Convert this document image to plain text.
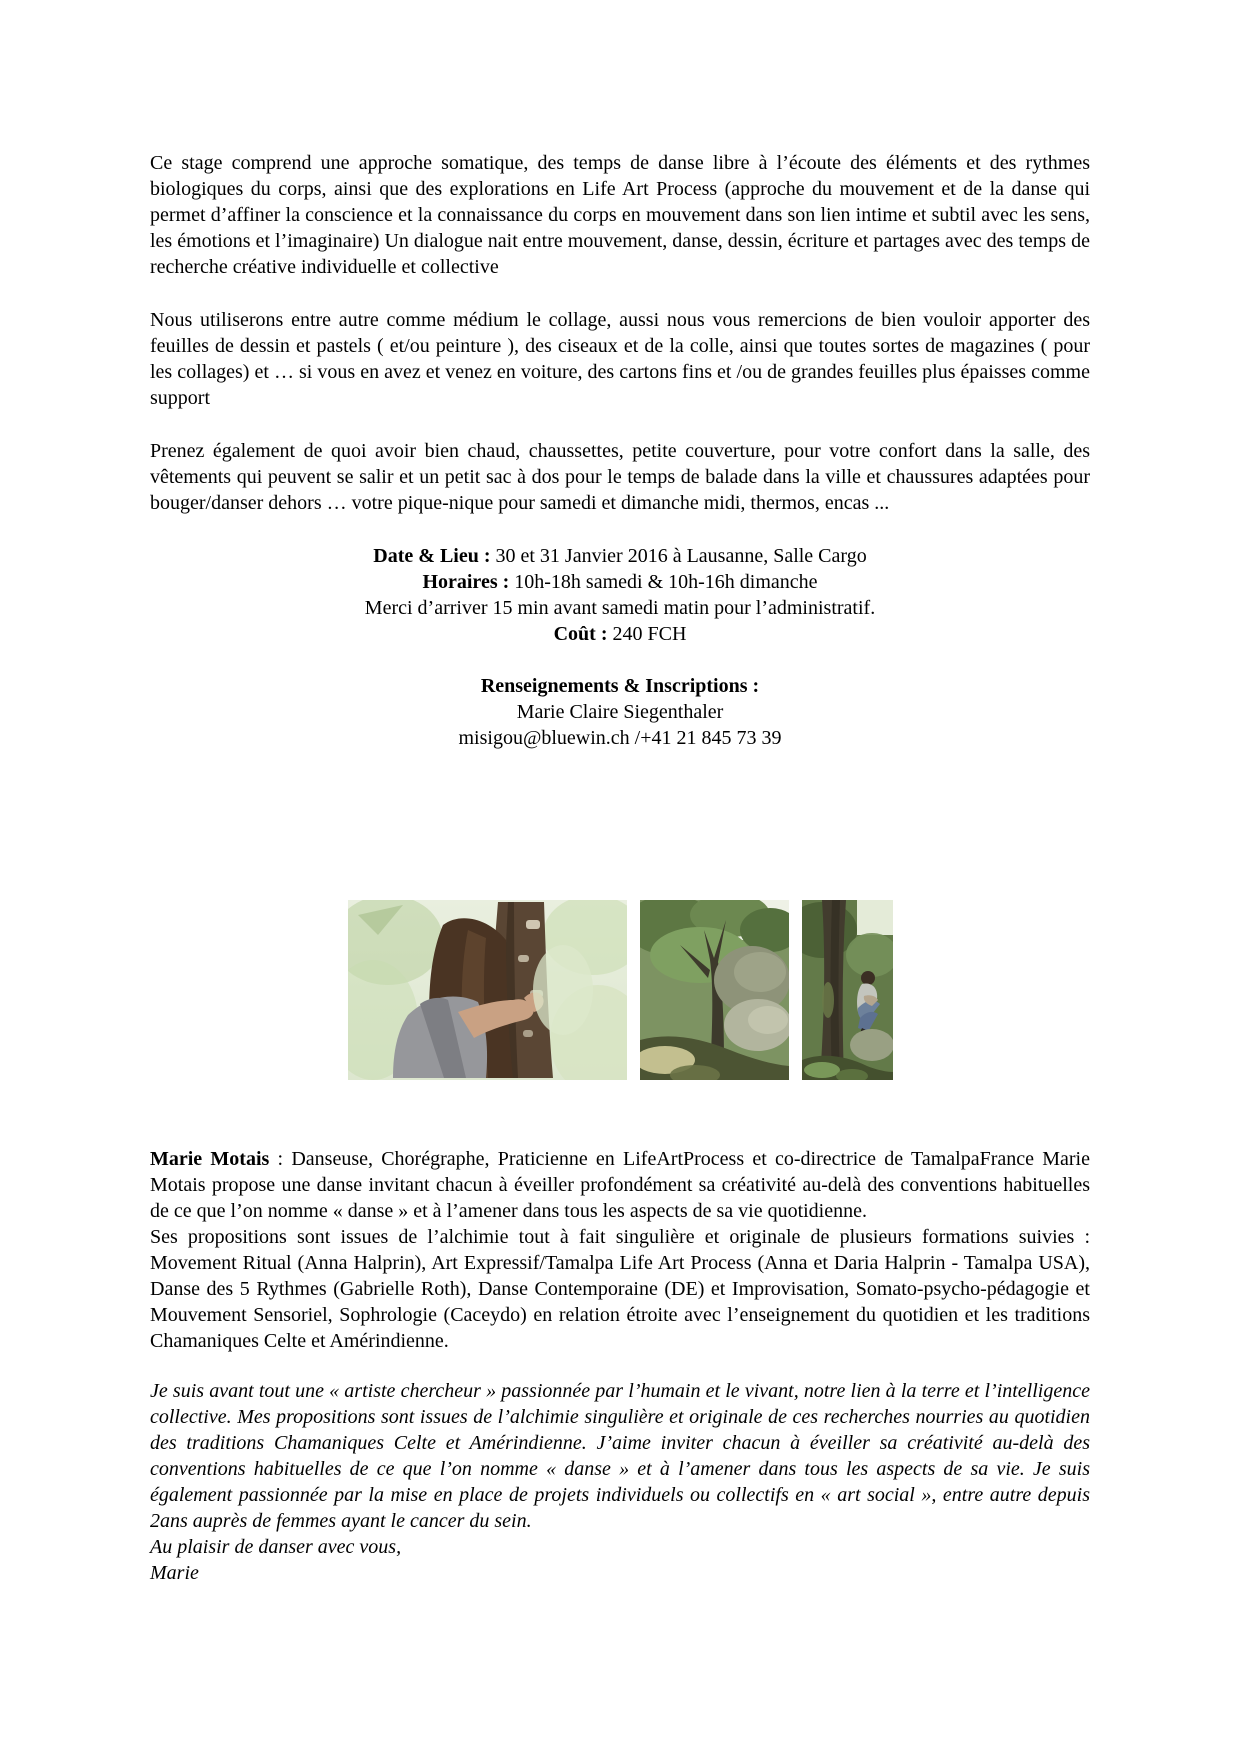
Ce stage comprend une approche somatique, des temps de danse libre à l’écoute des éléments et des rythmes biologiques du corps, ainsi que des explorations en Life Art Process (approche du mouvement et de la danse qui permet d’affiner la conscience et la connaissance du corps en mouvement dans son lien intime et subtil avec les sens, les émotions et l’imaginaire) Un dialogue nait entre mouvement, danse, dessin, écriture et partages avec des temps de recherche créative individuelle et collective

Nous utiliserons entre autre comme médium le collage, aussi nous vous remercions de bien vouloir apporter des feuilles de dessin et pastels ( et/ou peinture ), des ciseaux et de la colle, ainsi que toutes sortes de magazines ( pour les collages) et … si vous en avez et venez en voiture, des cartons fins et /ou de grandes feuilles plus épaisses comme support

Prenez également de quoi avoir bien chaud, chaussettes, petite couverture, pour votre confort dans la salle, des vêtements qui peuvent se salir et un petit sac à dos pour le temps de balade dans la ville et chaussures adaptées pour bouger/danser dehors … votre pique-nique pour samedi et dimanche midi, thermos, encas ...

Date & Lieu : 30 et 31 Janvier 2016 à Lausanne, Salle Cargo

Horaires : 10h-18h samedi & 10h-16h dimanche

Merci d’arriver 15 min avant samedi matin pour l’administratif.

Coût : 240 FCH

Renseignements & Inscriptions :

Marie Claire Siegenthaler

misigou@bluewin.ch /+41 21 845 73 39

Marie Motais : Danseuse, Chorégraphe, Praticienne en LifeArtProcess et co-directrice de TamalpaFrance Marie Motais propose une danse invitant chacun à éveiller profondément sa créativité au-delà des conventions habituelles de ce que l’on nomme « danse » et à l’amener dans tous les aspects de sa vie quotidienne.

Ses propositions sont issues de l’alchimie tout à fait singulière et originale de plusieurs formations suivies : Movement Ritual (Anna Halprin), Art Expressif/Tamalpa Life Art Process (Anna et Daria Halprin - Tamalpa USA), Danse des 5 Rythmes (Gabrielle Roth), Danse Contemporaine (DE) et Improvisation, Somato-psycho-pédagogie et Mouvement Sensoriel, Sophrologie (Caceydo) en relation étroite avec l’enseignement du quotidien et les traditions Chamaniques Celte et Amérindienne.

Je suis avant tout une « artiste chercheur » passionnée par l’humain et le vivant, notre lien à la terre et l’intelligence collective. Mes propositions sont issues de l’alchimie singulière et originale de ces recherches nourries au quotidien des traditions Chamaniques Celte et Amérindienne. J’aime inviter chacun à éveiller sa créativité au-delà des conventions habituelles de ce que l’on nomme « danse » et à l’amener dans tous les aspects de sa vie. Je suis également passionnée par la mise en place de projets individuels ou collectifs en « art social », entre autre depuis 2ans auprès de femmes ayant le cancer du sein.

Au plaisir de danser avec vous,

Marie
